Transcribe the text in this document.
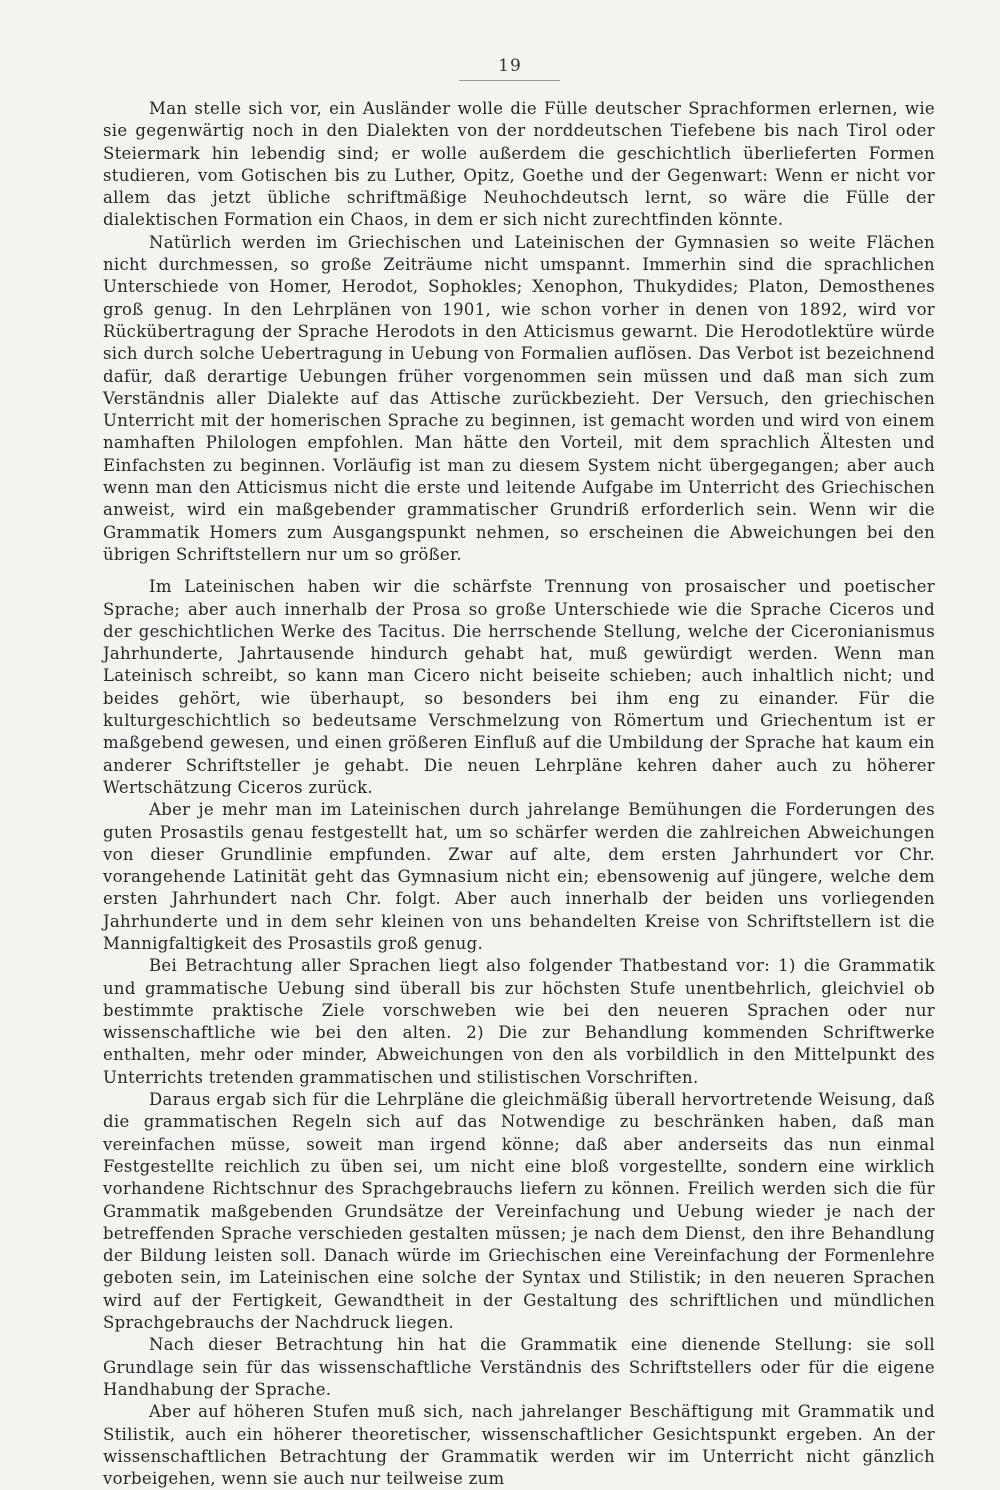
19

Man stelle sich vor, ein Ausländer wolle die Fülle deutscher Sprachformen erlernen, wie sie gegenwärtig noch in den Dialekten von der norddeutschen Tiefebene bis nach Tirol oder Steiermark hin lebendig sind; er wolle außerdem die geschichtlich überlieferten Formen studieren, vom Gotischen bis zu Luther, Opitz, Goethe und der Gegenwart: Wenn er nicht vor allem das jetzt übliche schriftmäßige Neuhochdeutsch lernt, so wäre die Fülle der dialektischen Formation ein Chaos, in dem er sich nicht zurechtfinden könnte.

Natürlich werden im Griechischen und Lateinischen der Gymnasien so weite Flächen nicht durchmessen, so große Zeiträume nicht umspannt. Immerhin sind die sprachlichen Unterschiede von Homer, Herodot, Sophokles; Xenophon, Thukydides; Platon, Demosthenes groß genug. In den Lehrplänen von 1901, wie schon vorher in denen von 1892, wird vor Rückübertragung der Sprache Herodots in den Atticismus gewarnt. Die Herodotlektüre würde sich durch solche Uebertragung in Uebung von Formalien auflösen. Das Verbot ist bezeichnend dafür, daß derartige Uebungen früher vorgenommen sein müssen und daß man sich zum Verständnis aller Dialekte auf das Attische zurückbezieht. Der Versuch, den griechischen Unterricht mit der homerischen Sprache zu beginnen, ist gemacht worden und wird von einem namhaften Philologen empfohlen. Man hätte den Vorteil, mit dem sprachlich Ältesten und Einfachsten zu beginnen. Vorläufig ist man zu diesem System nicht übergegangen; aber auch wenn man den Atticismus nicht die erste und leitende Aufgabe im Unterricht des Griechischen anweist, wird ein maßgebender grammatischer Grundriß erforderlich sein. Wenn wir die Grammatik Homers zum Ausgangspunkt nehmen, so erscheinen die Abweichungen bei den übrigen Schriftstellern nur um so größer.

Im Lateinischen haben wir die schärfste Trennung von prosaischer und poetischer Sprache; aber auch innerhalb der Prosa so große Unterschiede wie die Sprache Ciceros und der geschichtlichen Werke des Tacitus. Die herrschende Stellung, welche der Ciceronianismus Jahrhunderte, Jahrtausende hindurch gehabt hat, muß gewürdigt werden. Wenn man Lateinisch schreibt, so kann man Cicero nicht beiseite schieben; auch inhaltlich nicht; und beides gehört, wie überhaupt, so besonders bei ihm eng zu einander. Für die kulturgeschichtlich so bedeutsame Verschmelzung von Römertum und Griechentum ist er maßgebend gewesen, und einen größeren Einfluß auf die Umbildung der Sprache hat kaum ein anderer Schriftsteller je gehabt. Die neuen Lehrpläne kehren daher auch zu höherer Wertschätzung Ciceros zurück.

Aber je mehr man im Lateinischen durch jahrelange Bemühungen die Forderungen des guten Prosastils genau festgestellt hat, um so schärfer werden die zahlreichen Abweichungen von dieser Grundlinie empfunden. Zwar auf alte, dem ersten Jahrhundert vor Chr. vorangehende Latinität geht das Gymnasium nicht ein; ebensowenig auf jüngere, welche dem ersten Jahrhundert nach Chr. folgt. Aber auch innerhalb der beiden uns vorliegenden Jahrhunderte und in dem sehr kleinen von uns behandelten Kreise von Schriftstellern ist die Mannigfaltigkeit des Prosastils groß genug.

Bei Betrachtung aller Sprachen liegt also folgender Thatbestand vor: 1) die Grammatik und grammatische Uebung sind überall bis zur höchsten Stufe unentbehrlich, gleichviel ob bestimmte praktische Ziele vorschweben wie bei den neueren Sprachen oder nur wissenschaftliche wie bei den alten. 2) Die zur Behandlung kommenden Schriftwerke enthalten, mehr oder minder, Abweichungen von den als vorbildlich in den Mittelpunkt des Unterrichts tretenden grammatischen und stilistischen Vorschriften.

Daraus ergab sich für die Lehrpläne die gleichmäßig überall hervortretende Weisung, daß die grammatischen Regeln sich auf das Notwendige zu beschränken haben, daß man vereinfachen müsse, soweit man irgend könne; daß aber anderseits das nun einmal Festgestellte reichlich zu üben sei, um nicht eine bloß vorgestellte, sondern eine wirklich vorhandene Richtschnur des Sprachgebrauchs liefern zu können. Freilich werden sich die für Grammatik maßgebenden Grundsätze der Vereinfachung und Uebung wieder je nach der betreffenden Sprache verschieden gestalten müssen; je nach dem Dienst, den ihre Behandlung der Bildung leisten soll. Danach würde im Griechischen eine Vereinfachung der Formenlehre geboten sein, im Lateinischen eine solche der Syntax und Stilistik; in den neueren Sprachen wird auf der Fertigkeit, Gewandtheit in der Gestaltung des schriftlichen und mündlichen Sprachgebrauchs der Nachdruck liegen.

Nach dieser Betrachtung hin hat die Grammatik eine dienende Stellung: sie soll Grundlage sein für das wissenschaftliche Verständnis des Schriftstellers oder für die eigene Handhabung der Sprache.

Aber auf höheren Stufen muß sich, nach jahrelanger Beschäftigung mit Grammatik und Stilistik, auch ein höherer theoretischer, wissenschaftlicher Gesichtspunkt ergeben. An der wissenschaftlichen Betrachtung der Grammatik werden wir im Unterricht nicht gänzlich vorbeigehen, wenn sie auch nur teilweise zum
